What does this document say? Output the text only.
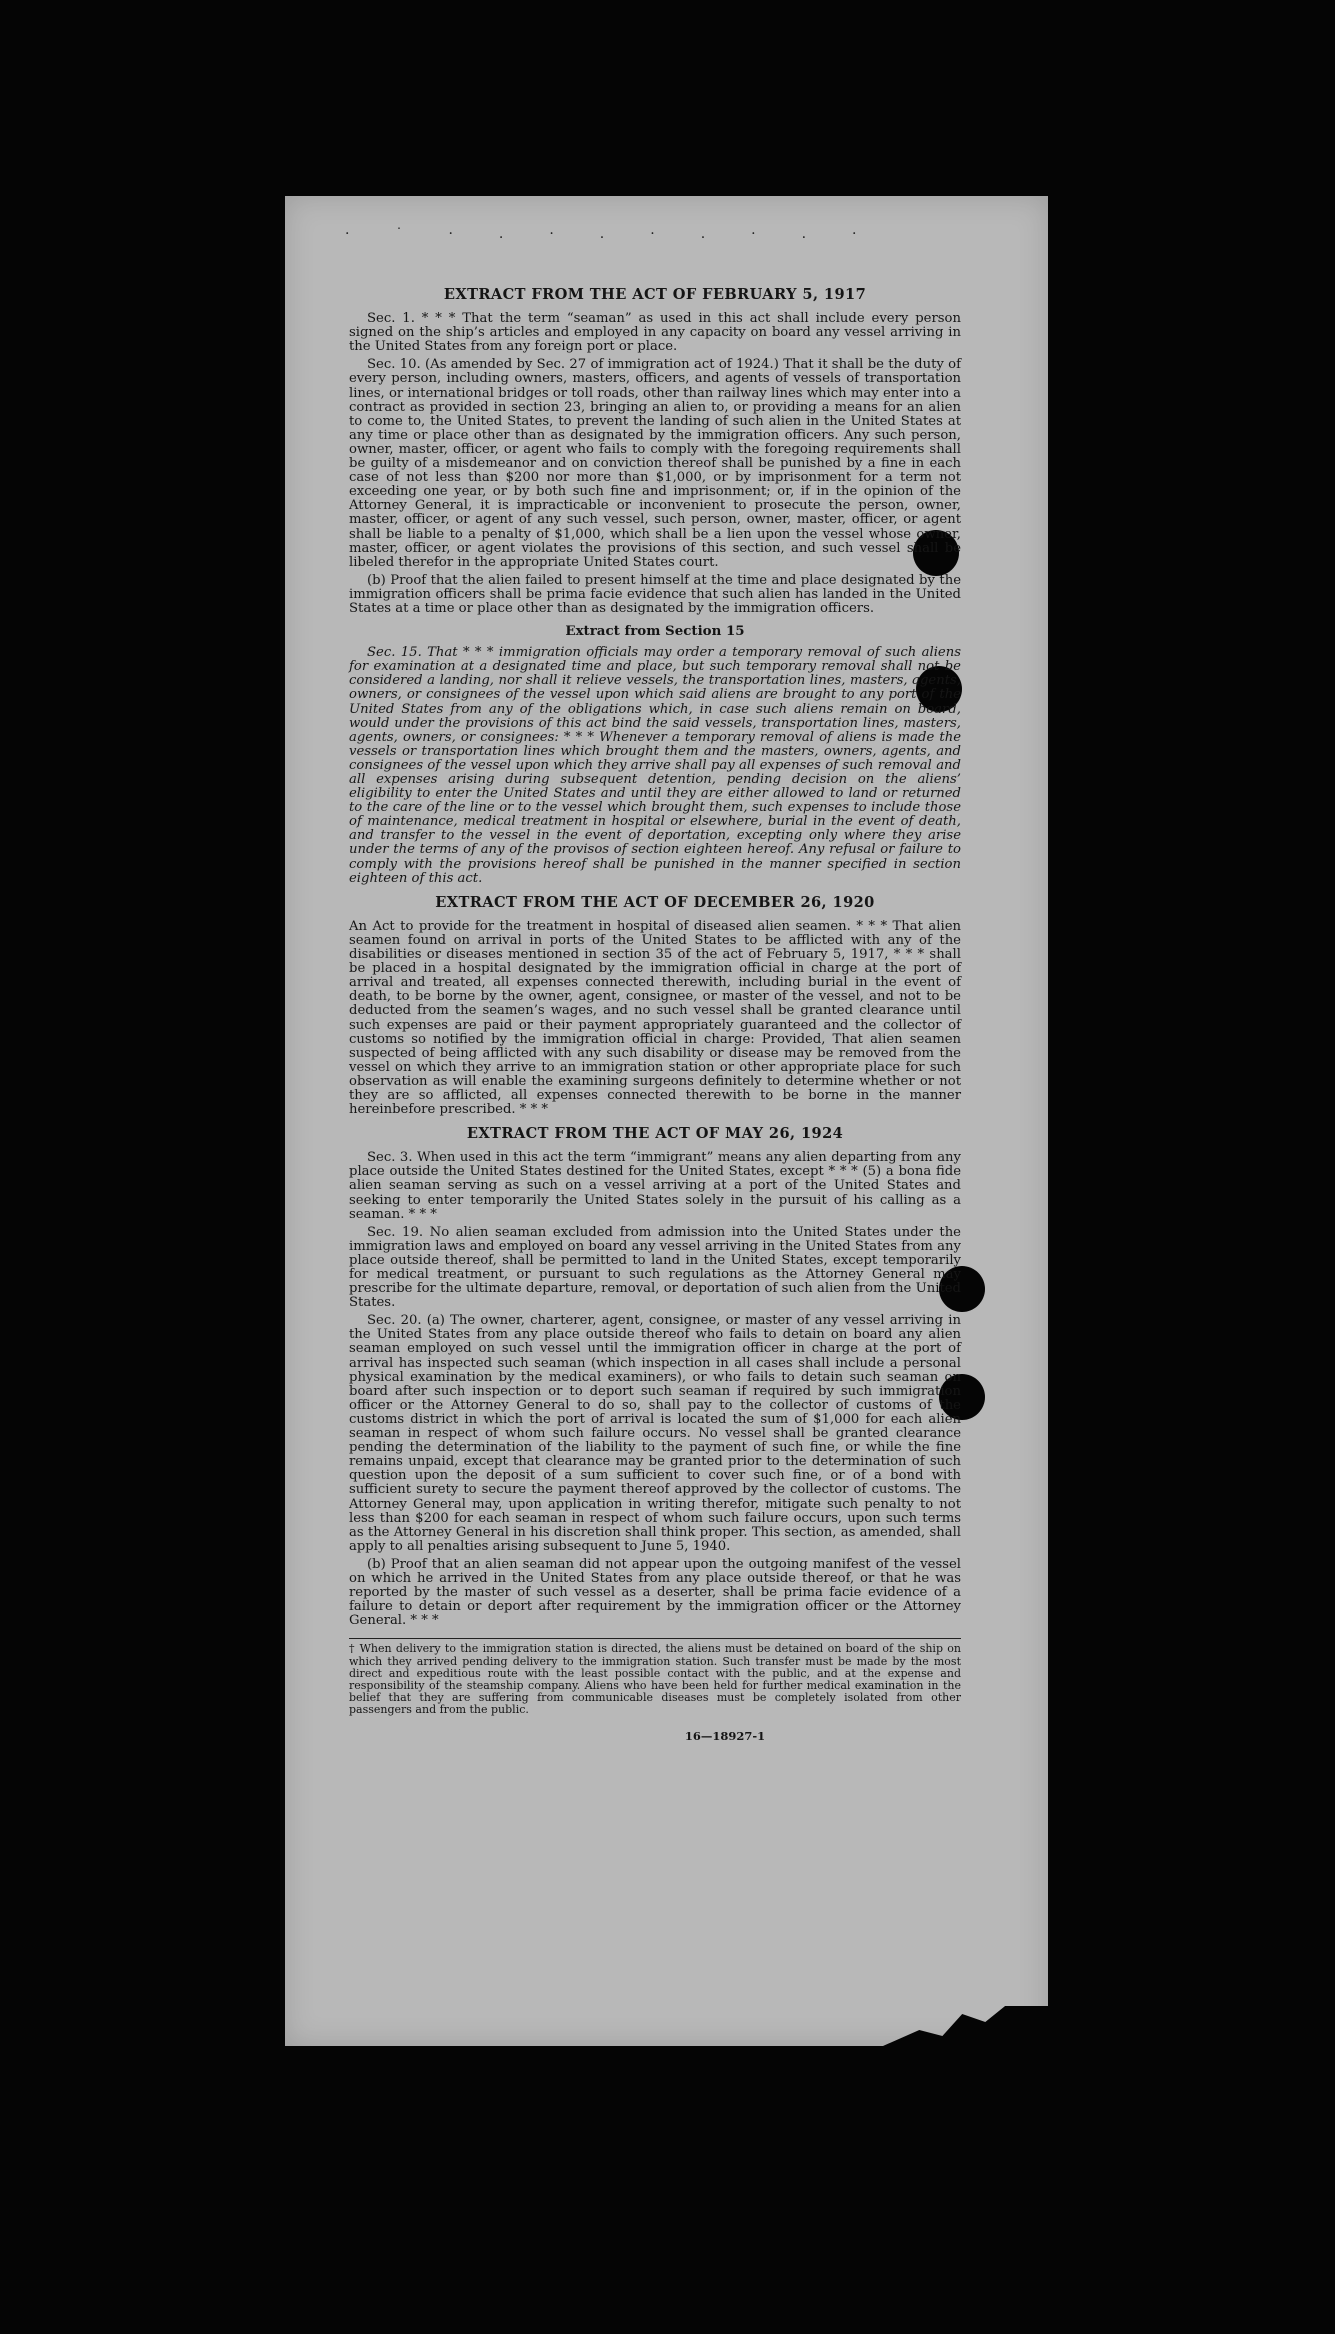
·˙·.·.·.·.·
EXTRACT FROM THE ACT OF FEBRUARY 5, 1917

Sec. 1. * * * That the term “seaman” as used in this act shall include every person signed on the ship’s articles and employed in any capacity on board any vessel arriving in the United States from any foreign port or place.

Sec. 10. (As amended by Sec. 27 of immigration act of 1924.) That it shall be the duty of every person, including owners, masters, officers, and agents of vessels of transportation lines, or international bridges or toll roads, other than railway lines which may enter into a contract as provided in section 23, bringing an alien to, or providing a means for an alien to come to, the United States, to prevent the landing of such alien in the United States at any time or place other than as designated by the immigration officers. Any such person, owner, master, officer, or agent who fails to comply with the foregoing requirements shall be guilty of a misdemeanor and on conviction thereof shall be punished by a fine in each case of not less than $200 nor more than $1,000, or by imprisonment for a term not exceeding one year, or by both such fine and imprisonment; or, if in the opinion of the Attorney General, it is impracticable or inconvenient to prosecute the person, owner, master, officer, or agent of any such vessel, such person, owner, master, officer, or agent shall be liable to a penalty of $1,000, which shall be a lien upon the vessel whose owner, master, officer, or agent violates the provisions of this section, and such vessel shall be libeled therefor in the appropriate United States court.

(b) Proof that the alien failed to present himself at the time and place designated by the immigration officers shall be prima facie evidence that such alien has landed in the United States at a time or place other than as designated by the immigration officers.

Extract from Section 15

Sec. 15. That * * * immigration officials may order a temporary removal of such aliens for examination at a designated time and place, but such temporary removal shall not be considered a landing, nor shall it relieve vessels, the transportation lines, masters, agents, owners, or consignees of the vessel upon which said aliens are brought to any port of the United States from any of the obligations which, in case such aliens remain on board, would under the provisions of this act bind the said vessels, transportation lines, masters, agents, owners, or consignees: * * * Whenever a temporary removal of aliens is made the vessels or transportation lines which brought them and the masters, owners, agents, and consignees of the vessel upon which they arrive shall pay all expenses of such removal and all expenses arising during subsequent detention, pending decision on the aliens’ eligibility to enter the United States and until they are either allowed to land or returned to the care of the line or to the vessel which brought them, such expenses to include those of maintenance, medical treatment in hospital or elsewhere, burial in the event of death, and transfer to the vessel in the event of deportation, excepting only where they arise under the terms of any of the provisos of section eighteen hereof. Any refusal or failure to comply with the provisions hereof shall be punished in the manner specified in section eighteen of this act.

EXTRACT FROM THE ACT OF DECEMBER 26, 1920

An Act to provide for the treatment in hospital of diseased alien seamen. * * * That alien seamen found on arrival in ports of the United States to be afflicted with any of the disabilities or diseases mentioned in section 35 of the act of February 5, 1917, * * * shall be placed in a hospital designated by the immigration official in charge at the port of arrival and treated, all expenses connected therewith, including burial in the event of death, to be borne by the owner, agent, consignee, or master of the vessel, and not to be deducted from the seamen’s wages, and no such vessel shall be granted clearance until such expenses are paid or their payment appropriately guaranteed and the collector of customs so notified by the immigration official in charge: Provided, That alien seamen suspected of being afflicted with any such disability or disease may be removed from the vessel on which they arrive to an immigration station or other appropriate place for such observation as will enable the examining surgeons definitely to determine whether or not they are so afflicted, all expenses connected therewith to be borne in the manner hereinbefore prescribed. * * *

EXTRACT FROM THE ACT OF MAY 26, 1924

Sec. 3. When used in this act the term “immigrant” means any alien departing from any place outside the United States destined for the United States, except * * * (5) a bona fide alien seaman serving as such on a vessel arriving at a port of the United States and seeking to enter temporarily the United States solely in the pursuit of his calling as a seaman. * * *

Sec. 19. No alien seaman excluded from admission into the United States under the immigration laws and employed on board any vessel arriving in the United States from any place outside thereof, shall be permitted to land in the United States, except temporarily for medical treatment, or pursuant to such regulations as the Attorney General may prescribe for the ultimate departure, removal, or deportation of such alien from the United States.

Sec. 20. (a) The owner, charterer, agent, consignee, or master of any vessel arriving in the United States from any place outside thereof who fails to detain on board any alien seaman employed on such vessel until the immigration officer in charge at the port of arrival has inspected such seaman (which inspection in all cases shall include a personal physical examination by the medical examiners), or who fails to detain such seaman on board after such inspection or to deport such seaman if required by such immigration officer or the Attorney General to do so, shall pay to the collector of customs of the customs district in which the port of arrival is located the sum of $1,000 for each alien seaman in respect of whom such failure occurs. No vessel shall be granted clearance pending the determination of the liability to the payment of such fine, or while the fine remains unpaid, except that clearance may be granted prior to the determination of such question upon the deposit of a sum sufficient to cover such fine, or of a bond with sufficient surety to secure the payment thereof approved by the collector of customs. The Attorney General may, upon application in writing therefor, mitigate such penalty to not less than $200 for each seaman in respect of whom such failure occurs, upon such terms as the Attorney General in his discretion shall think proper. This section, as amended, shall apply to all penalties arising subsequent to June 5, 1940.

(b) Proof that an alien seaman did not appear upon the outgoing manifest of the vessel on which he arrived in the United States from any place outside thereof, or that he was reported by the master of such vessel as a deserter, shall be prima facie evidence of a failure to detain or deport after requirement by the immigration officer or the Attorney General. * * *

† When delivery to the immigration station is directed, the aliens must be detained on board of the ship on which they arrived pending delivery to the immigration station. Such transfer must be made by the most direct and expeditious route with the least possible contact with the public, and at the expense and responsibility of the steamship company. Aliens who have been held for further medical examination in the belief that they are suffering from communicable diseases must be completely isolated from other passengers and from the public.
16—18927-1
